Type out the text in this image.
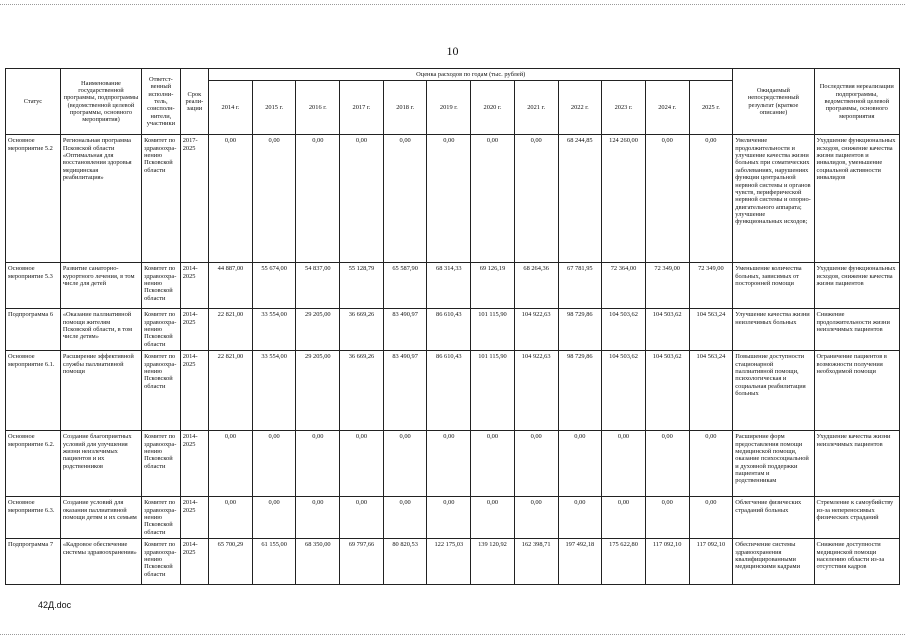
10
Статус	Наименование государственной программы, подпрограммы (ведомственной целевой программы, основного мероприятия)	Ответст-венный исполни-тель, соисполн-нители, участники	Срок реали-зации	Оценка расходов по годам (тыс. рублей)												Ожидаемый непосредственный результат (краткое описание)	Последствия нереализации подпрограммы, ведомственной целевой программы, основного мероприятия
				2014 г.	2015 г.	2016 г.	2017 г.	2018 г.	2019 г.	2020 г.	2021 г.	2022 г.	2023 г.	2024 г.	2025 г.		
Основное мероприятие 5.2	Региональная программа Псковской области «Оптимальная для восстановления здоровья медицинская реабилитация»	Комитет по здравоохра-нению Псковской области	2017-2025	0,00	0,00	0,00	0,00	0,00	0,00	0,00	0,00	68 244,85	124 260,00	0,00	0,00	Увеличение продолжительности и улучшение качества жизни больных при соматических заболеваниях, нарушениях функции центральной нервной системы и органов чувств, периферической нервной системы и опорно-двигательного аппарата; улучшение функциональных исходов;	Ухудшение функциональных исходов, снижение качества жизни пациентов и инвалидов, уменьшение социальной активности инвалидов
Основное мероприятие 5.3	Развитие санаторно-курортного лечения, в том числе для детей	Комитет по здравоохра-нению Псковской области	2014-2025	44 887,00	55 674,00	54 837,00	55 128,79	65 587,90	68 314,33	69 126,19	68 264,36	67 781,95	72 364,00	72 349,00	72 349,00	Уменьшение количества больных, зависимых от посторонней помощи	Ухудшение функциональных исходов, снижение качества жизни пациентов
Подпрограмма 6	«Оказание паллиативной помощи жителям Псковской области, в том числе детям»	Комитет по здравоохра-нению Псковской области	2014-2025	22 821,00	33 554,00	29 205,00	36 669,26	83 490,97	86 610,43	101 115,90	104 922,63	98 729,86	104 503,62	104 503,62	104 563,24	Улучшение качества жизни неизлечимых больных	Снижение продолжительности жизни неизлечимых пациентов
Основное мероприятие 6.1.	Расширение эффективной службы паллиативной помощи	Комитет по здравоохра-нению Псковской области	2014-2025	22 821,00	33 554,00	29 205,00	36 669,26	83 490,97	86 610,43	101 115,90	104 922,63	98 729,86	104 503,62	104 503,62	104 563,24	Повышение доступности стационарной паллиативной помощи, психологическая и социальная реабилитация больных	Ограничение пациентов в возможности получения необходимой помощи
Основное мероприятие 6.2.	Создание благоприятных условий для улучшения жизни неизлечимых пациентов и их родственников	Комитет по здравоохра-нению Псковской области	2014-2025	0,00	0,00	0,00	0,00	0,00	0,00	0,00	0,00	0,00	0,00	0,00	0,00	Расширение форм предоставления помощи медицинской помощи, оказание психосоциальной и духовной поддержки пациентам и родственникам	Ухудшение качества жизни неизлечимых пациентов
Основное мероприятие 6.3.	Создание условий для оказания паллиативной помощи детям и их семьям	Комитет по здравоохра-нению Псковской области	2014-2025	0,00	0,00	0,00	0,00	0,00	0,00	0,00	0,00	0,00	0,00	0,00	0,00	Облегчение физических страданий больных	Стремление к самоубийству из-за непереносимых физических страданий
Подпрограмма 7	«Кадровое обеспечение системы здравоохранения»	Комитет по здравоохра-нению Псковской области	2014-2025	65 700,29	61 155,00	68 350,00	69 797,66	80 820,53	122 175,03	139 120,92	162 398,71	197 492,18	175 622,80	117 092,10	117 092,10	Обеспечение системы здравоохранения квалифицированными медицинскими кадрами	Снижение доступности медицинской помощи населению области из-за отсутствия кадров
42Д.doc
